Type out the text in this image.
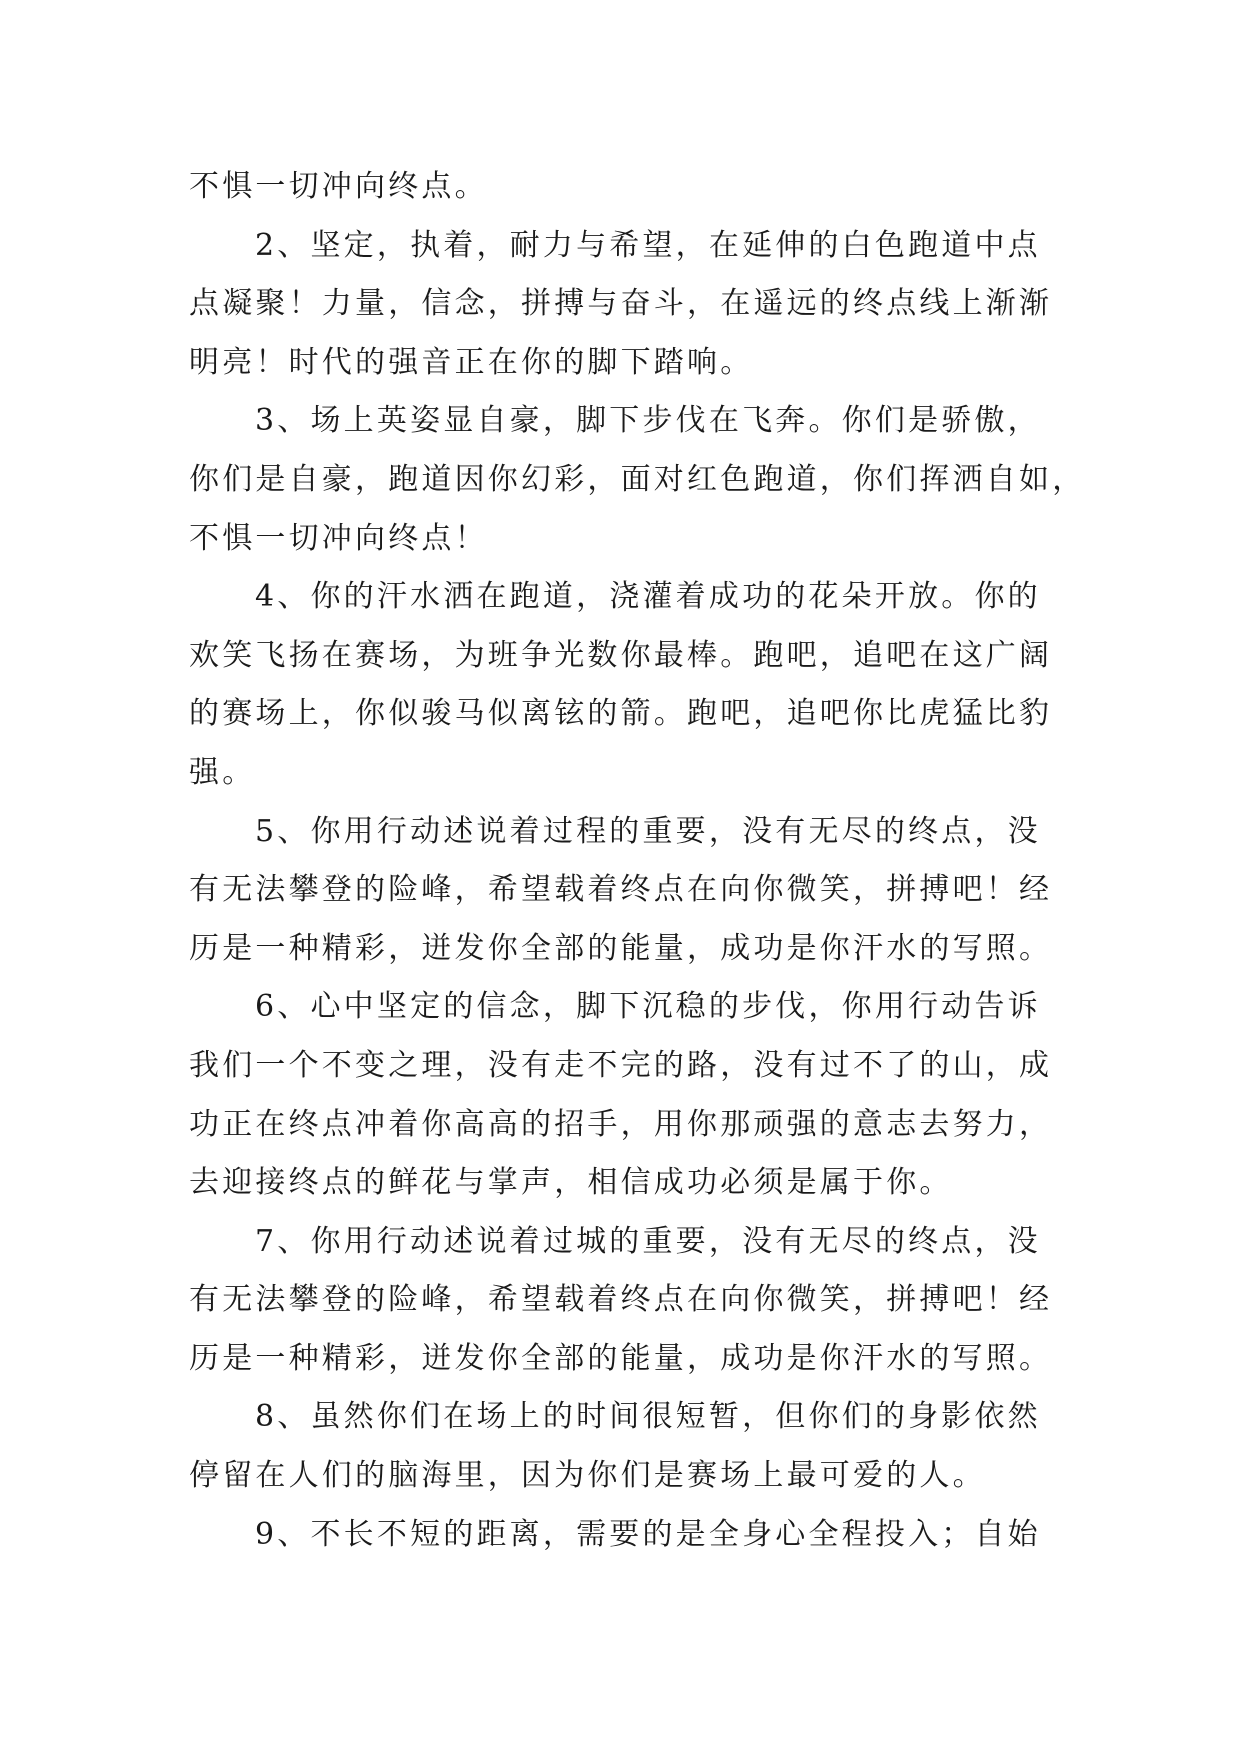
不惧一切冲向终点。
2、坚定，执着，耐力与希望，在延伸的白色跑道中点
点凝聚！力量，信念，拼搏与奋斗，在遥远的终点线上渐渐
明亮！时代的强音正在你的脚下踏响。
3、场上英姿显自豪，脚下步伐在飞奔。你们是骄傲，
你们是自豪，跑道因你幻彩，面对红色跑道，你们挥洒自如，
不惧一切冲向终点！
4、你的汗水洒在跑道，浇灌着成功的花朵开放。你的
欢笑飞扬在赛场，为班争光数你最棒。跑吧，追吧在这广阔
的赛场上，你似骏马似离铉的箭。跑吧，追吧你比虎猛比豹
强。
5、你用行动述说着过程的重要，没有无尽的终点，没
有无法攀登的险峰，希望载着终点在向你微笑，拼搏吧！经
历是一种精彩，迸发你全部的能量，成功是你汗水的写照。
6、心中坚定的信念，脚下沉稳的步伐，你用行动告诉
我们一个不变之理，没有走不完的路，没有过不了的山，成
功正在终点冲着你高高的招手，用你那顽强的意志去努力，
去迎接终点的鲜花与掌声，相信成功必须是属于你。
7、你用行动述说着过城的重要，没有无尽的终点，没
有无法攀登的险峰，希望载着终点在向你微笑，拼搏吧！经
历是一种精彩，迸发你全部的能量，成功是你汗水的写照。
8、虽然你们在场上的时间很短暂，但你们的身影依然
停留在人们的脑海里，因为你们是赛场上最可爱的人。
9、不长不短的距离，需要的是全身心全程投入；自始
